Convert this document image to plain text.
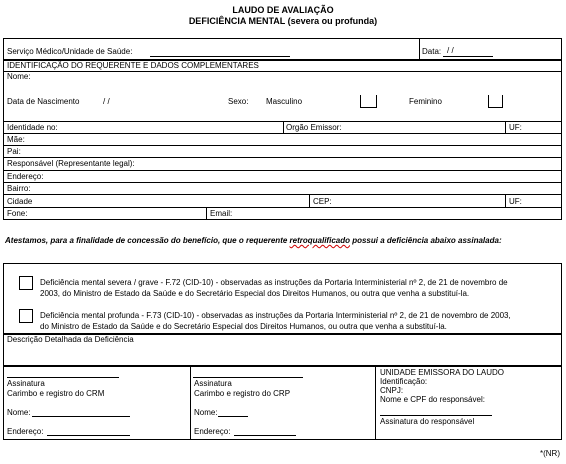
LAUDO DE AVALIAÇÃO
DEFICIÊNCIA MENTAL (severa ou profunda)
Serviço Médico/Unidade de Saúde:	Data: / /
IDENTIFICAÇÃO DO REQUERENTE E DADOS COMPLEMENTARES
Nome:
Data de Nascimento	/ /	Sexo: Masculino	Feminino
Identidade no:	Orgão Emissor:	UF:
Mãe:
Pai:
Responsável (Representante legal):
Endereço:
Bairro:
Cidade	CEP:	UF:
Fone:	Email:
Atestamos, para a finalidade de concessão do benefício, que o requerente retroqualificado possui a deficiência abaixo assinalada:
Deficiência mental severa / grave - F.72 (CID-10) - observadas as instruções da Portaria Interministerial nº 2, de 21 de novembro de
2003, do Ministro de Estado da Saúde e do Secretário Especial dos Direitos Humanos, ou outra que venha a substituí-la.
Deficiência mental profunda - F.73 (CID-10) - observadas as instruções da Portaria Interministerial nº 2, de 21 de novembro de 2003,
do Ministro de Estado da Saúde e do Secretário Especial dos Direitos Humanos, ou outra que venha a substituí-la.
Descrição Detalhada da Deficiência
Assinatura
Carimbo e registro do CRM
Nome:
Endereço:
Assinatura
Carimbo e registro do CRP
Nome:
Endereço:
UNIDADE EMISSORA DO LAUDO
Identificação:
CNPJ:
Nome e CPF do responsável:
Assinatura do responsável
*(NR)
